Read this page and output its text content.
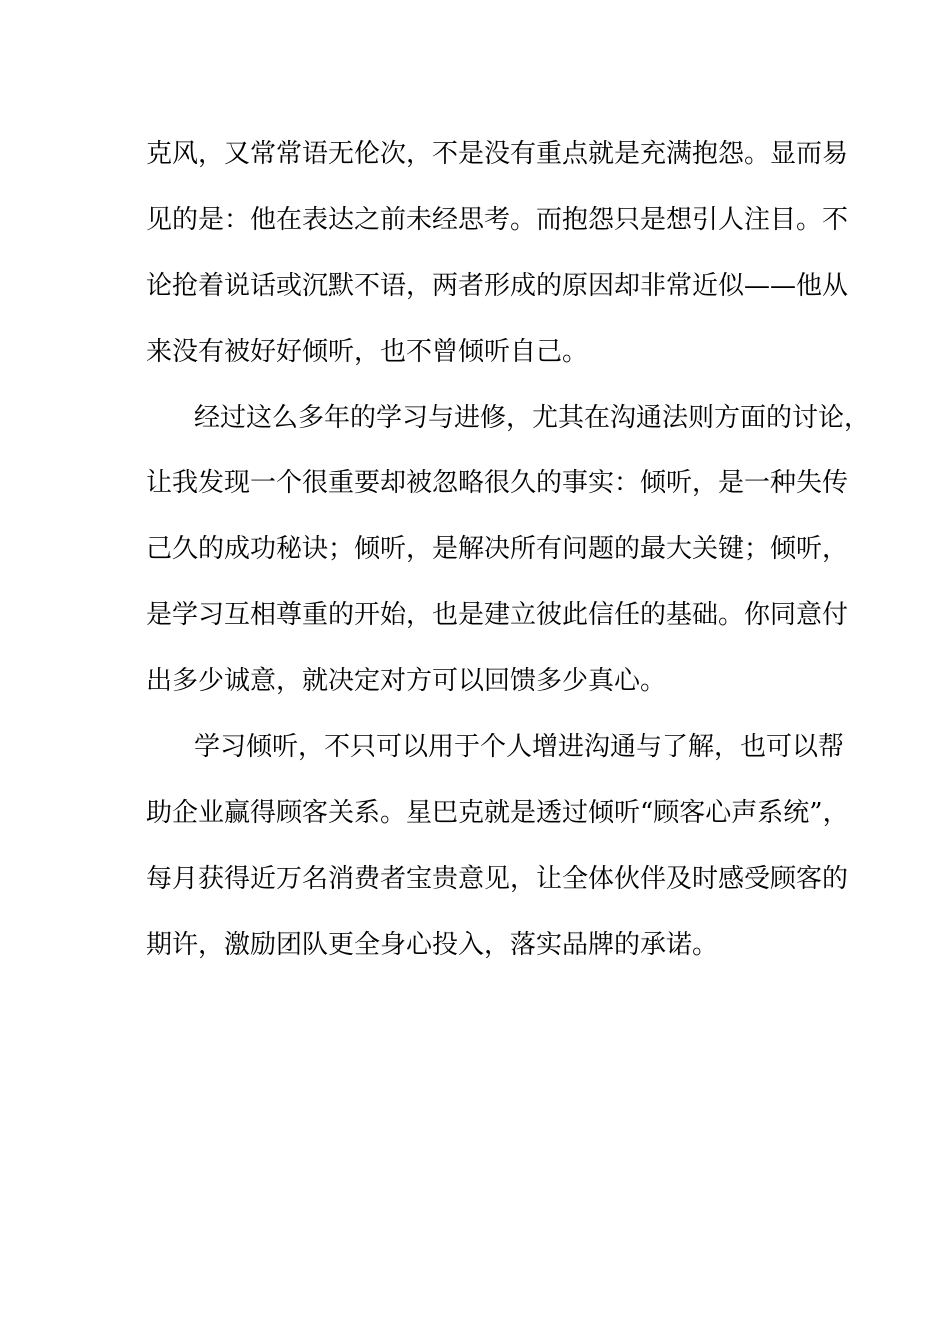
克风，又常常语无伦次，不是没有重点就是充满抱怨。显而易
见的是：他在表达之前未经思考。而抱怨只是想引人注目。不
论抢着说话或沉默不语，两者形成的原因却非常近似——他从
来没有被好好倾听，也不曾倾听自己。
经过这么多年的学习与进修，尤其在沟通法则方面的讨论，
让我发现一个很重要却被忽略很久的事实：倾听，是一种失传
己久的成功秘诀；倾听，是解决所有问题的最大关键；倾听，
是学习互相尊重的开始，也是建立彼此信任的基础。你同意付
出多少诚意，就决定对方可以回馈多少真心。
学习倾听，不只可以用于个人增进沟通与了解，也可以帮
助企业赢得顾客关系。星巴克就是透过倾听“顾客心声系统”，
每月获得近万名消费者宝贵意见，让全体伙伴及时感受顾客的
期许，激励团队更全身心投入，落实品牌的承诺。
